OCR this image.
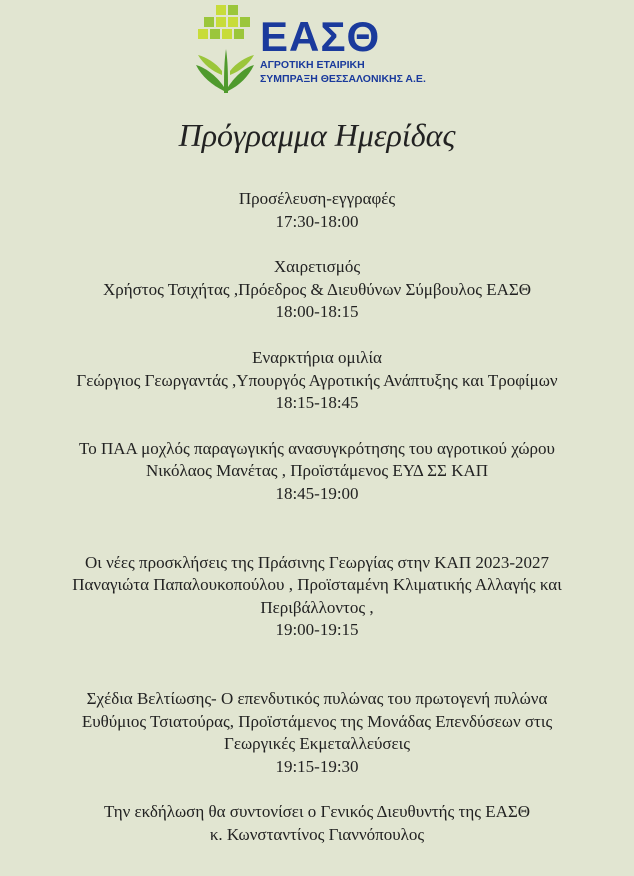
ΕΑΣΘ
ΑΓΡΟΤΙΚΗ ΕΤΑΙΡΙΚΗ
ΣΥΜΠΡΑΞΗ ΘΕΣΣΑΛΟΝΙΚΗΣ Α.Ε.
Πρόγραμμα Ημερίδας
Προσέλευση-εγγραφές
17:30-18:00
Χαιρετισμός
Χρήστος Τσιχήτας ,Πρόεδρος & Διευθύνων Σύμβουλος ΕΑΣΘ
18:00-18:15
Εναρκτήρια ομιλία
Γεώργιος Γεωργαντάς ,Υπουργός Αγροτικής Ανάπτυξης και Τροφίμων
18:15-18:45
Το ΠΑΑ μοχλός παραγωγικής ανασυγκρότησης του αγροτικού χώρου
Νικόλαος Μανέτας , Προϊστάμενος ΕΥΔ ΣΣ ΚΑΠ
18:45-19:00
Οι νέες προσκλήσεις της Πράσινης Γεωργίας στην ΚΑΠ 2023-2027
Παναγιώτα Παπαλουκοπούλου , Προϊσταμένη Κλιματικής Αλλαγής και
Περιβάλλοντος ,
19:00-19:15
Σχέδια Βελτίωσης- Ο επενδυτικός πυλώνας του πρωτογενή πυλώνα
Ευθύμιος Τσιατούρας, Προϊστάμενος της Μονάδας Επενδύσεων στις
Γεωργικές Εκμεταλλεύσεις
19:15-19:30
Την εκδήλωση θα συντονίσει ο Γενικός Διευθυντής της ΕΑΣΘ
κ. Κωνσταντίνος Γιαννόπουλος
